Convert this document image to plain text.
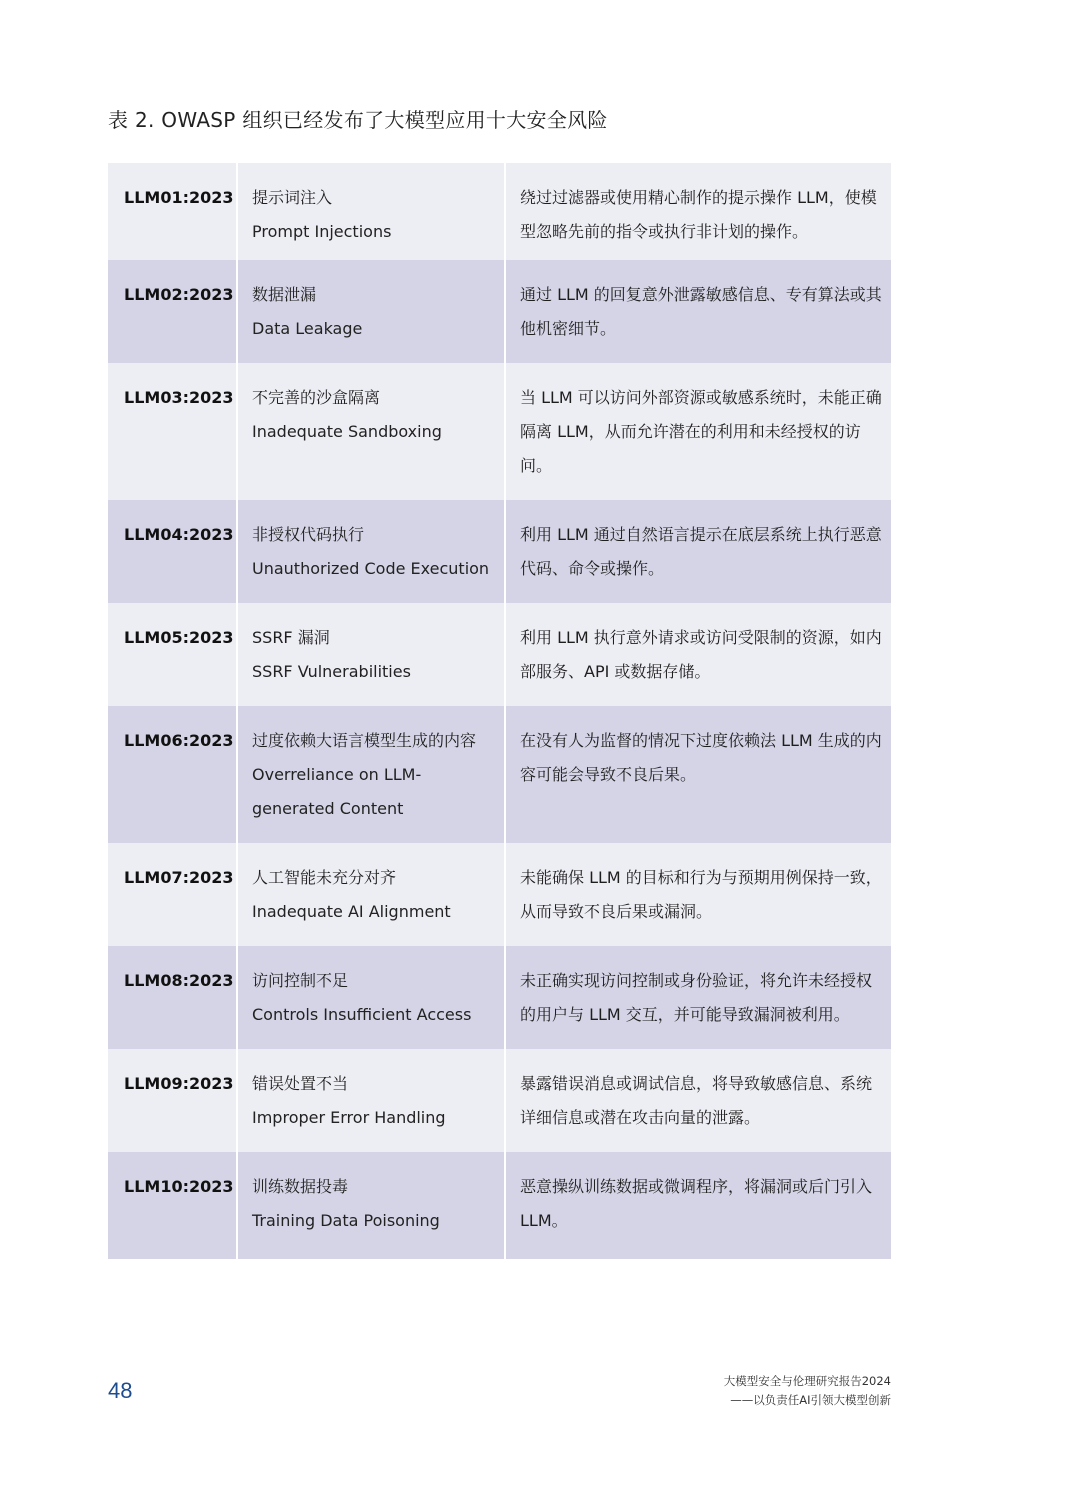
表 2. OWASP 组织已经发布了大模型应用十大安全风险
LLM01:2023 提示词注入
Prompt Injections
绕过过滤器或使用精心制作的提示操作 LLM，使模型忽略先前的指令或执行非计划的操作。
LLM02:2023 数据泄漏
Data Leakage
通过 LLM 的回复意外泄露敏感信息、专有算法或其他机密细节。
LLM03:2023 不完善的沙盒隔离
Inadequate Sandboxing
当 LLM 可以访问外部资源或敏感系统时，未能正确隔离 LLM，从而允许潜在的利用和未经授权的访问。
LLM04:2023 非授权代码执行
Unauthorized Code Execution
利用 LLM 通过自然语言提示在底层系统上执行恶意代码、命令或操作。
LLM05:2023 SSRF 漏洞
SSRF Vulnerabilities
利用 LLM 执行意外请求或访问受限制的资源，如内部服务、API 或数据存储。
LLM06:2023 过度依赖大语言模型生成的内容
Overreliance on LLM-generated Content
在没有人为监督的情况下过度依赖法 LLM 生成的内容可能会导致不良后果。
LLM07:2023 人工智能未充分对齐
Inadequate AI Alignment
未能确保 LLM 的目标和行为与预期用例保持一致，从而导致不良后果或漏洞。
LLM08:2023 访问控制不足
Controls Insufficient Access
未正确实现访问控制或身份验证，将允许未经授权的用户与 LLM 交互，并可能导致漏洞被利用。
LLM09:2023 错误处置不当
Improper Error Handling
暴露错误消息或调试信息，将导致敏感信息、系统详细信息或潜在攻击向量的泄露。
LLM10:2023 训练数据投毒
Training Data Poisoning
恶意操纵训练数据或微调程序，将漏洞或后门引入 LLM。
48	大模型安全与伦理研究报告2024
——以负责任AI引领大模型创新
